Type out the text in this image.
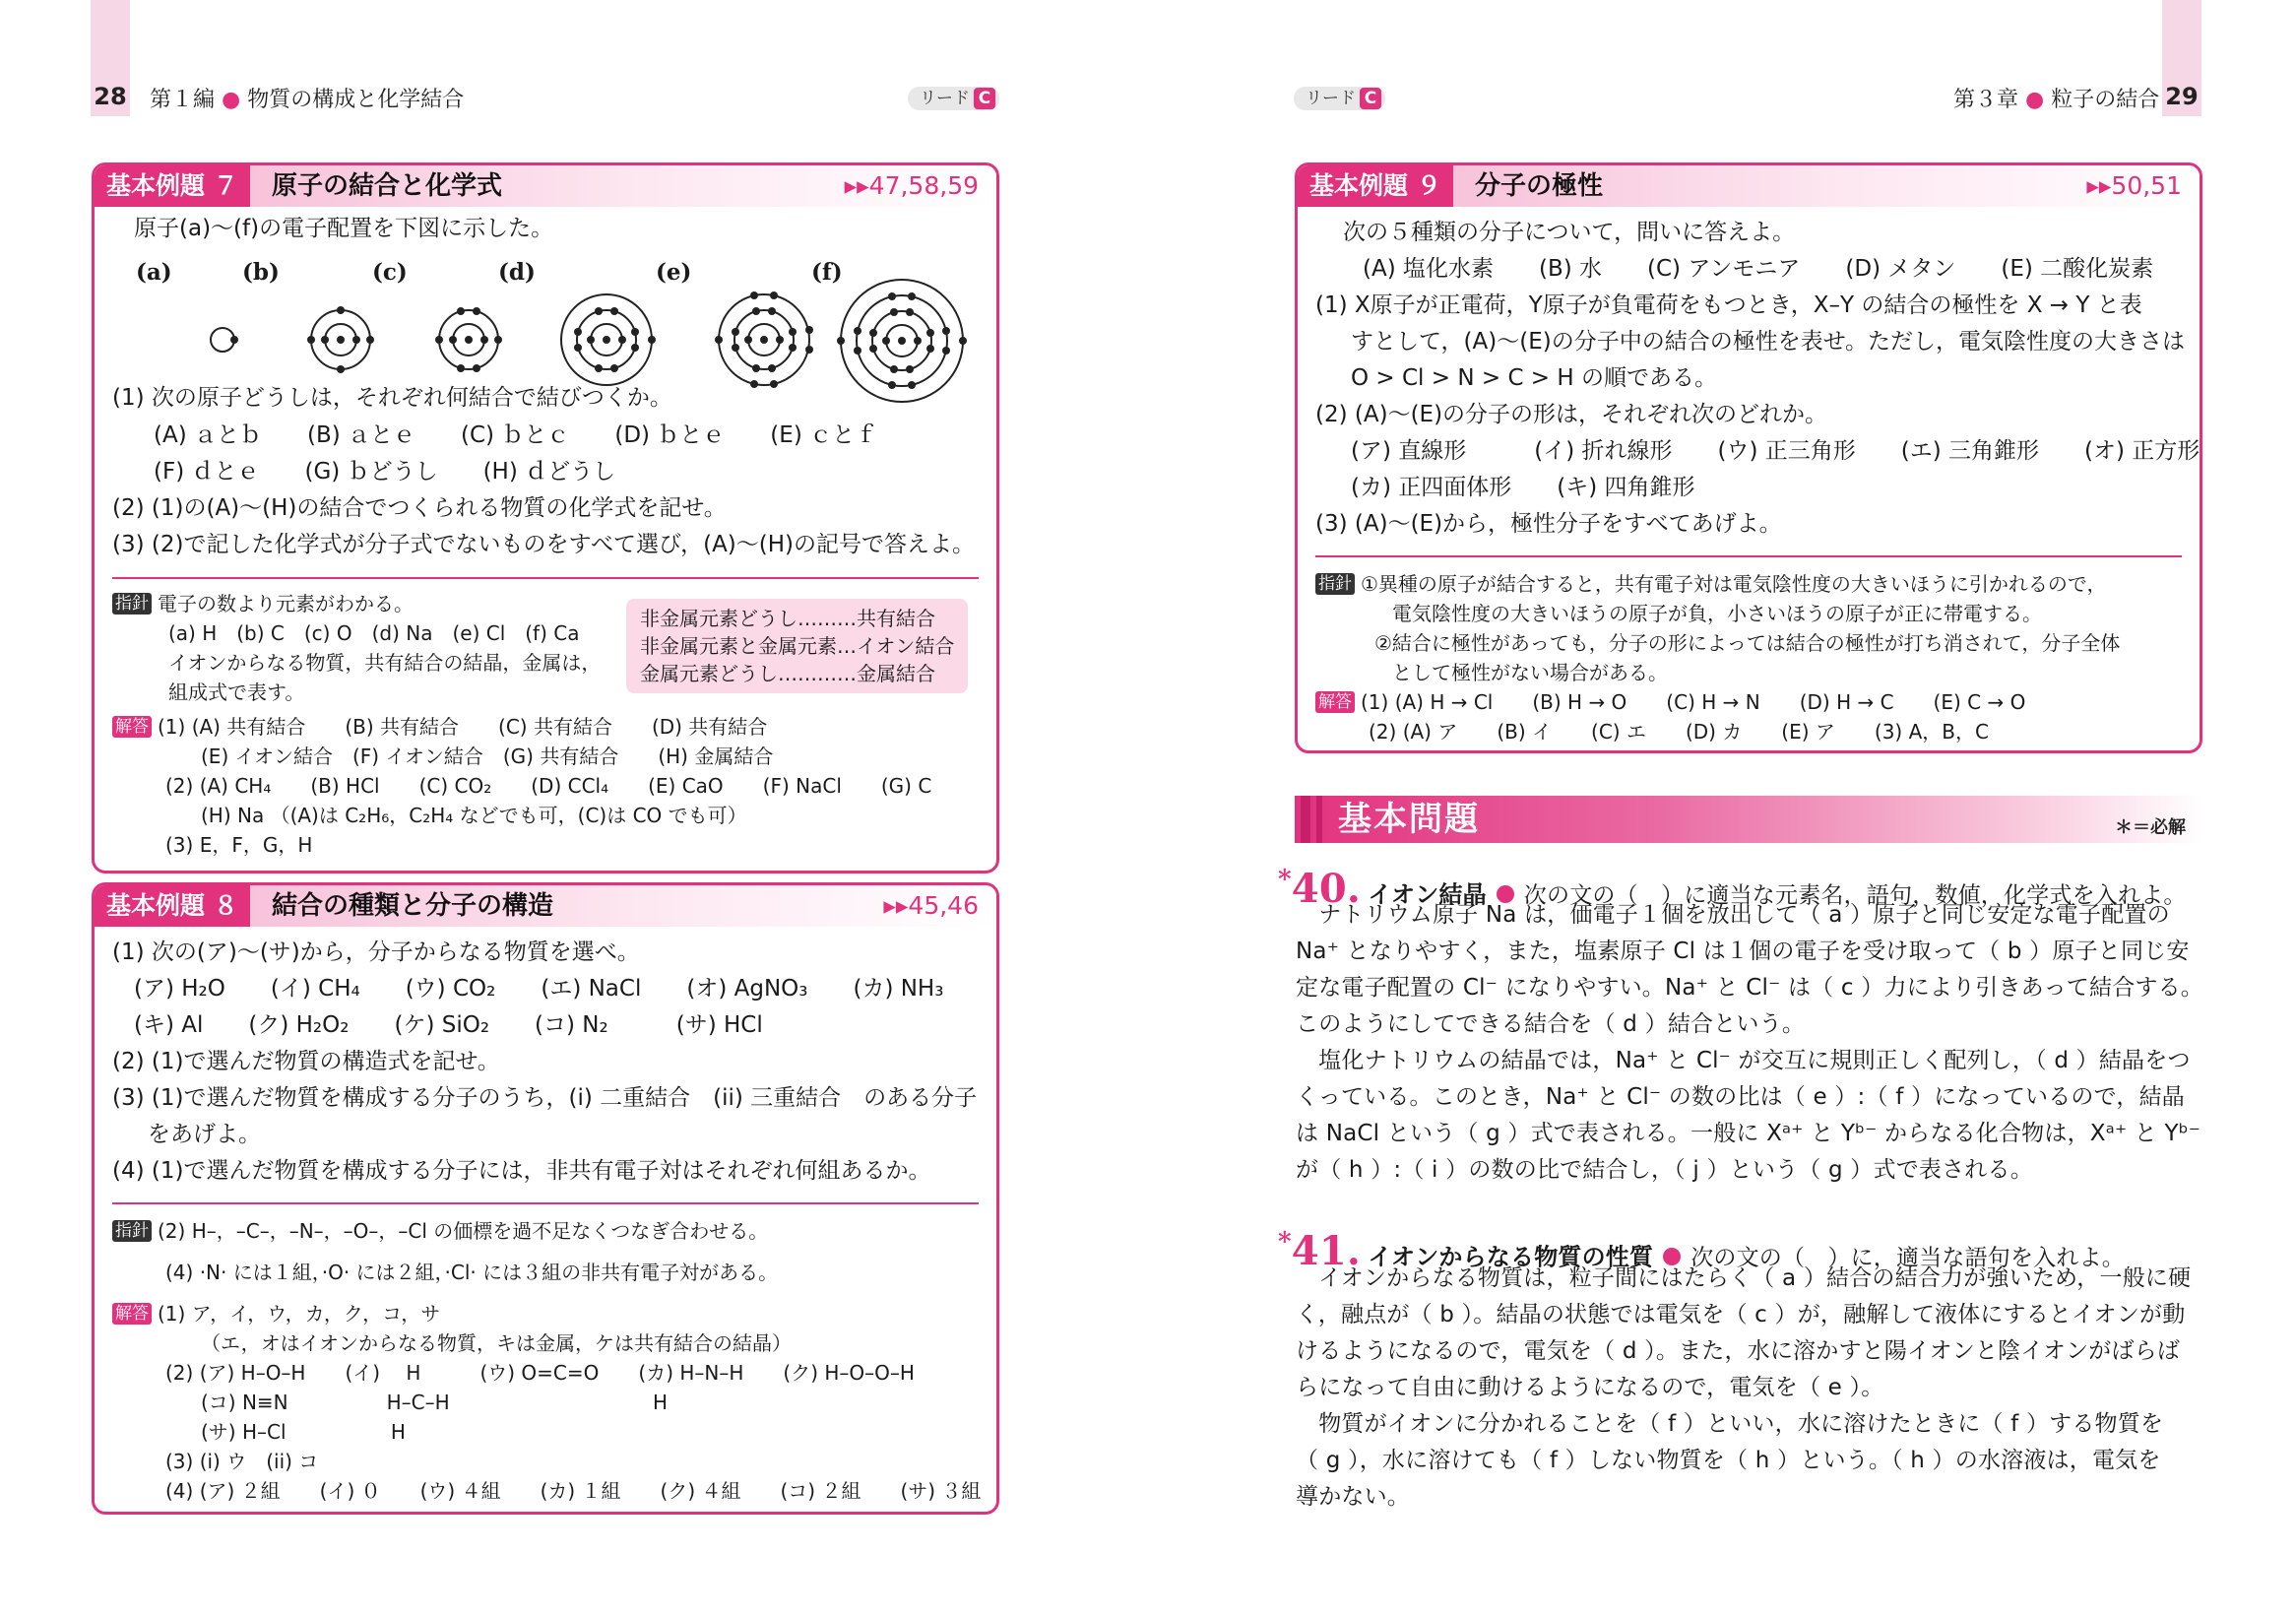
28 第１編 ● 物質の構成と化学結合	リード C
基本例題 ７	原子の結合と化学式	▸▸47,58,59
原子(a)～(f)の電子配置を下図に示した。
(a)	(b)	(c)	(d)	(e)	(f)
(1) 次の原子どうしは，それぞれ何結合で結びつくか。
(A) ａとｂ　　(B) ａとｅ　　(C) ｂとｃ　　(D) ｂとｅ　　(E) ｃとｆ
(F) ｄとｅ　　(G) ｂどうし　　(H) ｄどうし
(2) (1)の(A)～(H)の結合でつくられる物質の化学式を記せ。
(3) (2)で記した化学式が分子式でないものをすべて選び，(A)～(H)の記号で答えよ。
指針 電子の数より元素がわかる。
(a) H　(b) C　(c) O　(d) Na　(e) Cl　(f) Ca
イオンからなる物質，共有結合の結晶，金属は，
組成式で表す。
非金属元素どうし………共有結合
非金属元素と金属元素…イオン結合
金属元素どうし…………金属結合
解答 (1) (A) 共有結合　　(B) 共有結合　　(C) 共有結合　　(D) 共有結合
(E) イオン結合　(F) イオン結合　(G) 共有結合　　(H) 金属結合
(2) (A) CH₄　　(B) HCl　　(C) CO₂　　(D) CCl₄　　(E) CaO　　(F) NaCl　　(G) C
(H) Na （(A)は C₂H₆，C₂H₄ などでも可，(C)は CO でも可）
(3) E，F，G，H
基本例題 ８	結合の種類と分子の構造	▸▸45,46
(1) 次の(ア)～(サ)から，分子からなる物質を選べ。
(ア) H₂O　　(イ) CH₄　　(ウ) CO₂　　(エ) NaCl　　(オ) AgNO₃　　(カ) NH₃
(キ) Al　　(ク) H₂O₂　　(ケ) SiO₂　　(コ) N₂　　　(サ) HCl
(2) (1)で選んだ物質の構造式を記せ。
(3) (1)で選んだ物質を構成する分子のうち，(i) 二重結合　(ii) 三重結合　のある分子
をあげよ。
(4) (1)で選んだ物質を構成する分子には，非共有電子対はそれぞれ何組あるか。
指針 (2) H–，–C–，–N–，–O–，–Cl の価標を過不足なくつなぎ合わせる。
(4) ·N· には１組，·O· には２組，·Cl· には３組の非共有電子対がある。
解答 (1) ア，イ，ウ，カ，ク，コ，サ
（エ，オはイオンからなる物質，キは金属，ケは共有結合の結晶）
(2) (ア) H–O–H　　(イ)　 H　　　(ウ) O=C=O　　(カ) H–N–H　　(ク) H–O–O–H
(コ) N≡N　　　　　H–C–H　　　　　　　　　　 H
(サ) H–Cl　　　　　 H
(3) (i) ウ　(ii) コ
(4) (ア) ２組　　(イ) ０　　(ウ) ４組　　(カ) １組　　(ク) ４組　　(コ) ２組　　(サ) ３組
29
第３章 ● 粒子の結合
リード C
基本例題 ９	分子の極性	▸▸50,51
次の５種類の分子について，問いに答えよ。
(A) 塩化水素　　(B) 水　　(C) アンモニア　　(D) メタン　　(E) 二酸化炭素
(1) X原子が正電荷，Y原子が負電荷をもつとき，X–Y の結合の極性を X → Y と表
すとして，(A)～(E)の分子中の結合の極性を表せ。ただし，電気陰性度の大きさは
O > Cl > N > C > H の順である。
(2) (A)～(E)の分子の形は，それぞれ次のどれか。
(ア) 直線形　　　(イ) 折れ線形　　(ウ) 正三角形　　(エ) 三角錐形　　(オ) 正方形
(カ) 正四面体形　　(キ) 四角錐形
(3) (A)～(E)から，極性分子をすべてあげよ。
指針 ①異種の原子が結合すると，共有電子対は電気陰性度の大きいほうに引かれるので，
電気陰性度の大きいほうの原子が負，小さいほうの原子が正に帯電する。
②結合に極性があっても，分子の形によっては結合の極性が打ち消されて，分子全体
として極性がない場合がある。
解答 (1) (A) H → Cl　　(B) H → O　　(C) H → N　　(D) H → C　　(E) C → O
(2) (A) ア　　(B) イ　　(C) エ　　(D) カ　　(E) ア　　(3) A，B，C
基本問題	＊＝必解
*40. イオン結晶 次の文の（　）に適当な元素名，語句，数値，化学式を入れよ。
　ナトリウム原子 Na は，価電子１個を放出して（ a ）原子と同じ安定な電子配置の
Na⁺ となりやすく，また，塩素原子 Cl は１個の電子を受け取って（ b ）原子と同じ安
定な電子配置の Cl⁻ になりやすい。Na⁺ と Cl⁻ は（ c ）力により引きあって結合する。
このようにしてできる結合を（ d ）結合という。
　塩化ナトリウムの結晶では，Na⁺ と Cl⁻ が交互に規則正しく配列し，（ d ）結晶をつ
くっている。このとき，Na⁺ と Cl⁻ の数の比は（ e ）:（ f ）になっているので，結晶
は NaCl という（ g ）式で表される。一般に Xᵃ⁺ と Yᵇ⁻ からなる化合物は，Xᵃ⁺ と Yᵇ⁻
が（ h ）:（ i ）の数の比で結合し，（ j ）という（ g ）式で表される。
*41. イオンからなる物質の性質 次の文の（　）に，適当な語句を入れよ。
　イオンからなる物質は，粒子間にはたらく（ a ）結合の結合力が強いため，一般に硬
く，融点が（ b ）。結晶の状態では電気を（ c ）が，融解して液体にするとイオンが動
けるようになるので，電気を（ d ）。また，水に溶かすと陽イオンと陰イオンがばらば
らになって自由に動けるようになるので，電気を（ e ）。
　物質がイオンに分かれることを（ f ）といい，水に溶けたときに（ f ）する物質を
（ g ），水に溶けても（ f ）しない物質を（ h ）という。（ h ）の水溶液は，電気を
導かない。
